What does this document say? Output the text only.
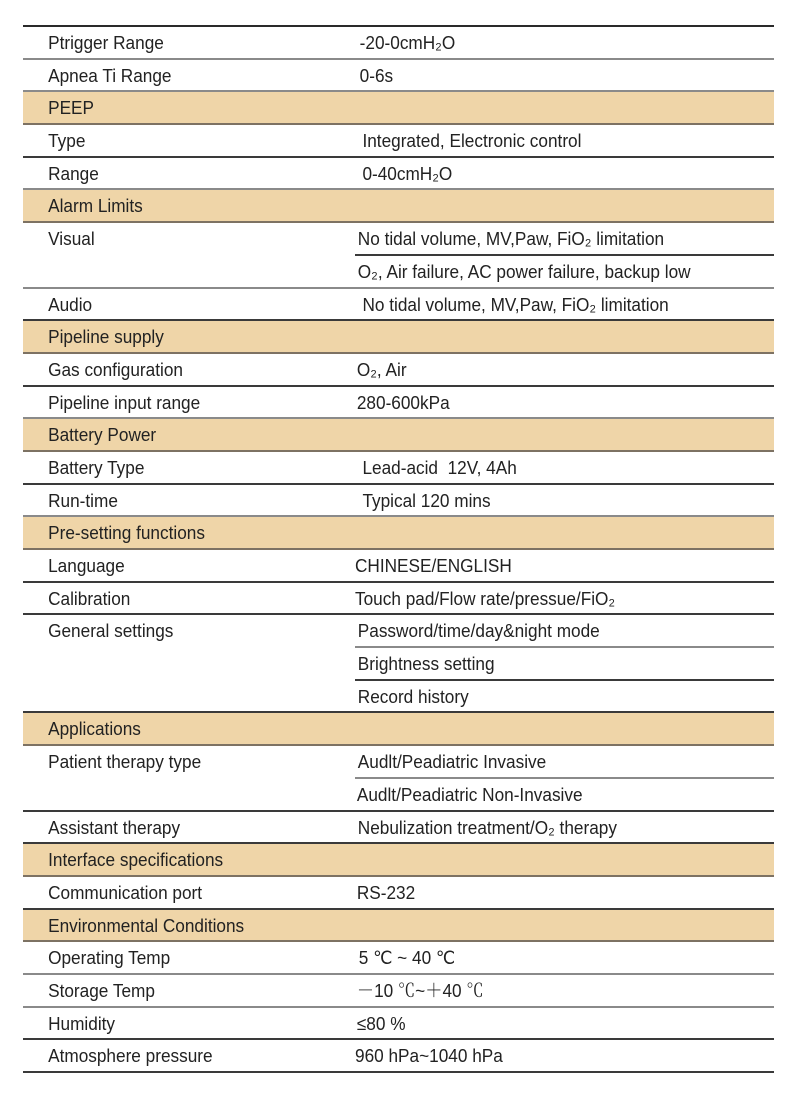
Ptrigger Range	-20-0cmH₂O
Apnea Ti Range	0-6s
PEEP
Type	Integrated, Electronic control
Range	0-40cmH₂O
Alarm Limits
Visual	No tidal volume, MV,Paw, FiO₂ limitation
O₂, Air failure, AC power failure, backup low
Audio	No tidal volume, MV,Paw, FiO₂ limitation
Pipeline supply
Gas configuration	O₂, Air
Pipeline input range	280-600kPa
Battery Power
Battery Type	Lead-acid  12V, 4Ah
Run-time	Typical 120 mins
Pre-setting functions
Language	CHINESE/ENGLISH
Calibration	Touch pad/Flow rate/pressue/FiO₂
General settings	Password/time/day&night mode
Brightness setting
Record history
Applications
Patient therapy type	Audlt/Peadiatric Invasive
Audlt/Peadiatric Non-Invasive
Assistant therapy	Nebulization treatment/O₂ therapy
Interface specifications
Communication port	RS-232
Environmental Conditions
Operating Temp	5 ℃ ~ 40 ℃
Storage Temp	－10 ℃~＋40 ℃
Humidity	≤80 %
Atmosphere pressure	960 hPa~1040 hPa
